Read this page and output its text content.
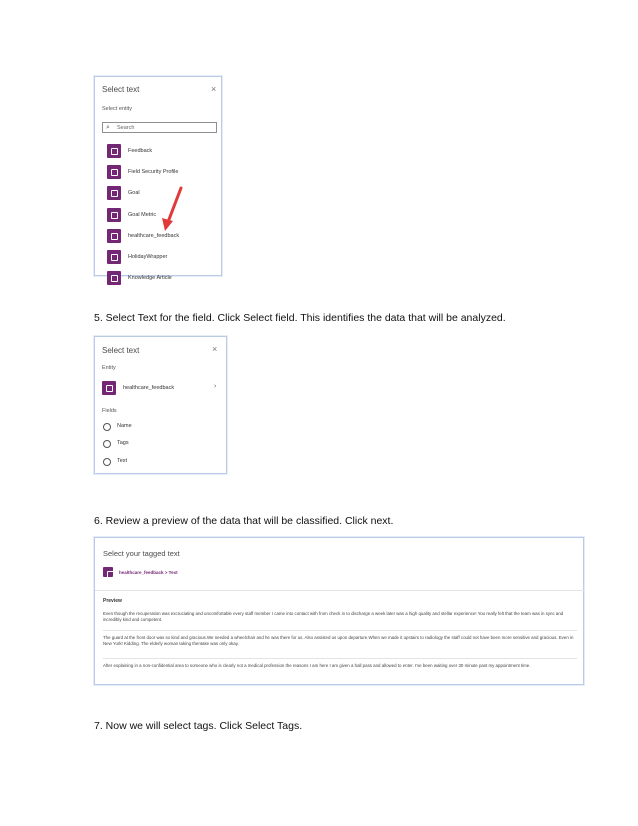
Select text	×
Select entity
⌕ Search
Feedback
Field Security Profile
Goal
Goal Metric
healthcare_feedback
HolidayWrapper
Knowledge Article
5. Select Text for the field. Click Select field. This identifies the data that will be analyzed.
Select text	×
Entity
healthcare_feedback	›
Fields
Name
Tags
Text
6. Review a preview of the data that will be classified. Click next.
Select your tagged text
healthcare_feedback > Text
Preview
Even though the recuperation was excruciating and uncomfortable every staff member I came into contact with from check in to discharge a week later was a high quality and stellar experience! You really felt that the team was in sync and incredibly kind and competent.
The guard at the front door was so kind and gracious.We needed a wheelchair and he was there for us. Also assisted us upon departure.When we made it upstairs to radiology the staff could not have been more sensitive and gracious. Even in New York! Kidding. The elderly woman taking thentake was only okay.
After explaining in a non-confidential area to someone who is clearly not a medical profession the reasons I am here I am given a hall pass and allowed to enter. I've been waiting over 30 minute past my appointment time.
7. Now we will select tags. Click Select Tags.
